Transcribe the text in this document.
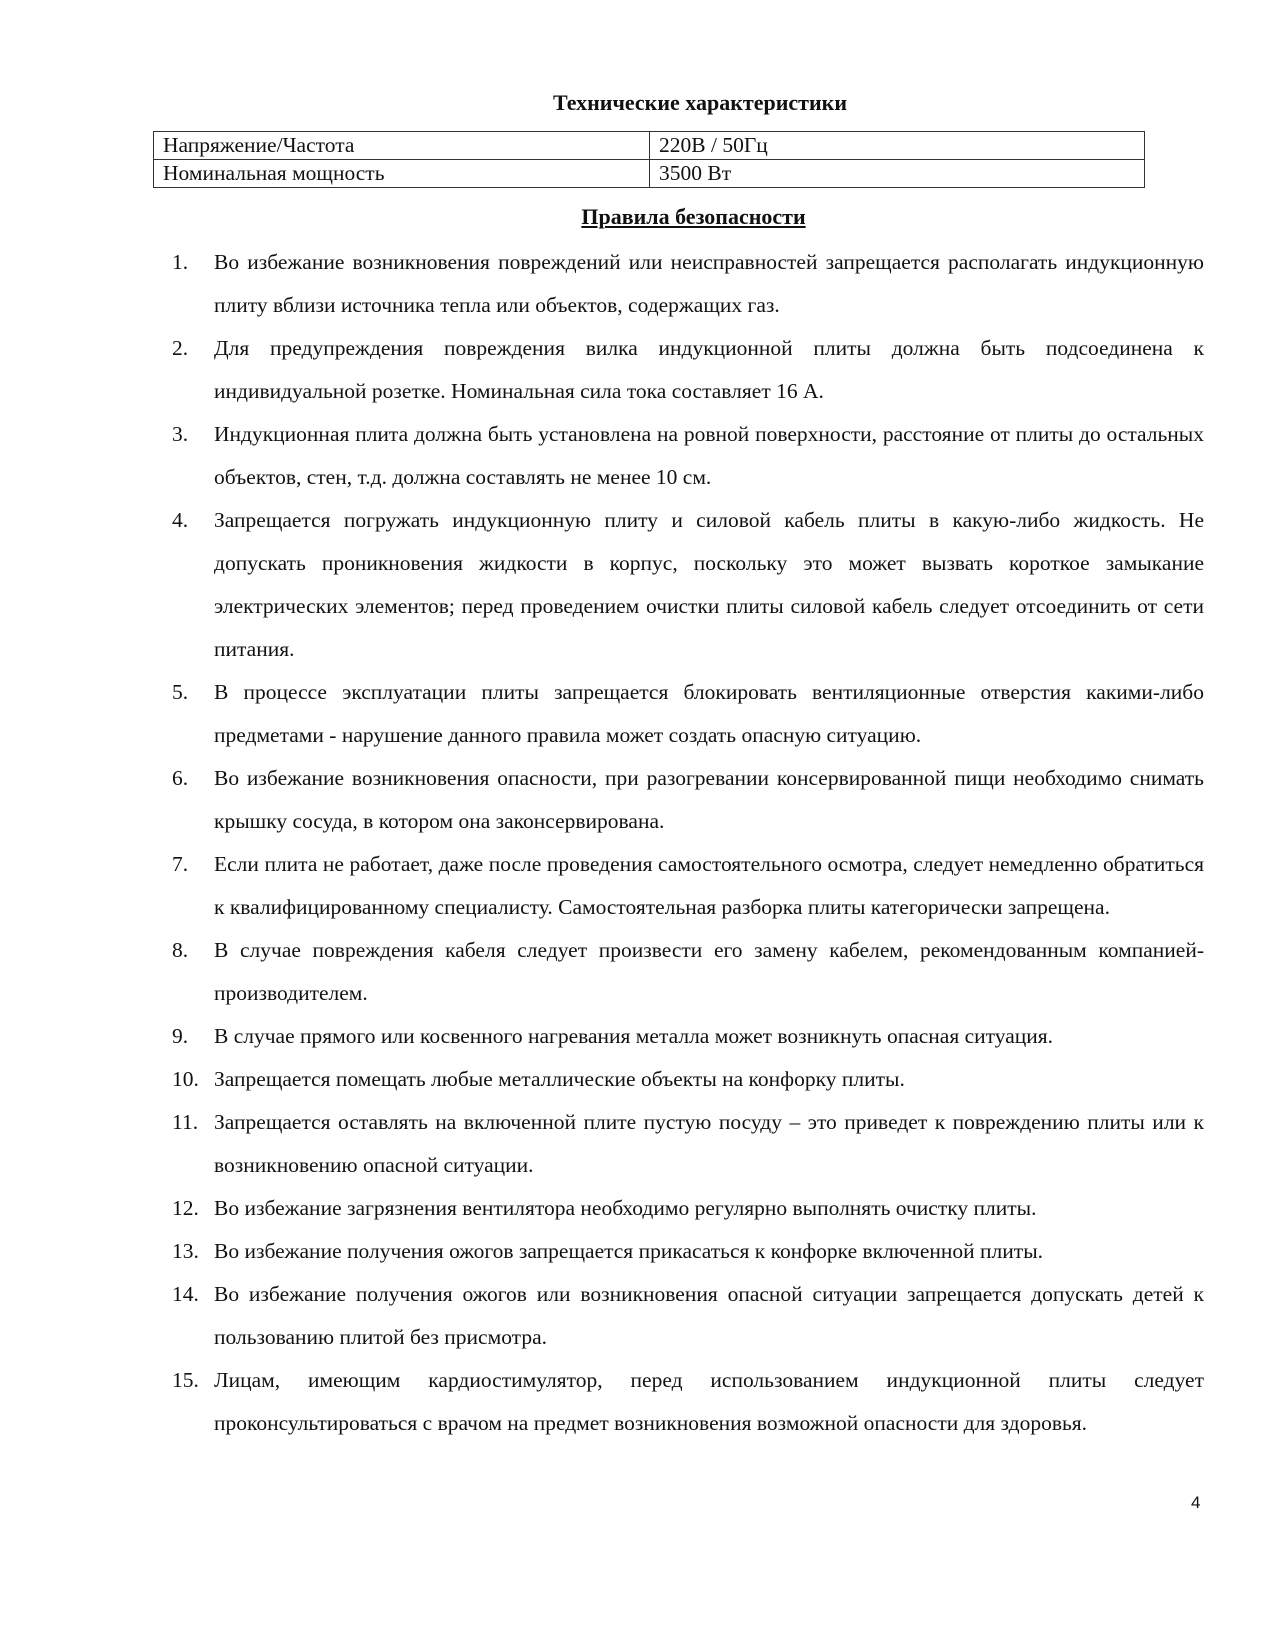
Технические характеристики
Напряжение/Частота	220В / 50Гц
Номинальная мощность	3500 Вт
Правила безопасности
1.	Во избежание возникновения повреждений или неисправностей запрещается располагать индукционную плиту вблизи источника тепла или объектов, содержащих газ.
2.	Для предупреждения повреждения вилка индукционной плиты должна быть подсоединена к индивидуальной розетке. Номинальная сила тока составляет 16 А.
3.	Индукционная плита должна быть установлена на ровной поверхности, расстояние от плиты до остальных объектов, стен, т.д. должна составлять не менее 10 см.
4.	Запрещается погружать индукционную плиту и силовой кабель плиты в какую-либо жидкость. Не допускать проникновения жидкости в корпус, поскольку это может вызвать короткое замыкание электрических элементов; перед проведением очистки плиты силовой кабель следует отсоединить от сети питания.
5.	В процессе эксплуатации плиты запрещается блокировать вентиляционные отверстия какими-либо предметами - нарушение данного правила может создать опасную ситуацию.
6.	Во избежание возникновения опасности, при разогревании консервированной пищи необходимо снимать крышку сосуда, в котором она законсервирована.
7.	Если плита не работает, даже после проведения самостоятельного осмотра, следует немедленно обратиться к квалифицированному специалисту. Самостоятельная разборка плиты категорически запрещена.
8.	В случае повреждения кабеля следует произвести его замену кабелем, рекомендованным компанией-производителем.
9.	В случае прямого или косвенного нагревания металла может возникнуть опасная ситуация.
10. Запрещается помещать любые металлические объекты на конфорку плиты.
11. Запрещается оставлять на включенной плите пустую посуду – это приведет к повреждению плиты или к возникновению опасной ситуации.
12. Во избежание загрязнения вентилятора необходимо регулярно выполнять очистку плиты.
13. Во избежание получения ожогов запрещается прикасаться к конфорке включенной плиты.
14. Во избежание получения ожогов или возникновения опасной ситуации запрещается допускать детей к пользованию плитой без присмотра.
15. Лицам, имеющим кардиостимулятор, перед использованием индукционной плиты следует проконсультироваться с врачом на предмет возникновения возможной опасности для здоровья.
4
